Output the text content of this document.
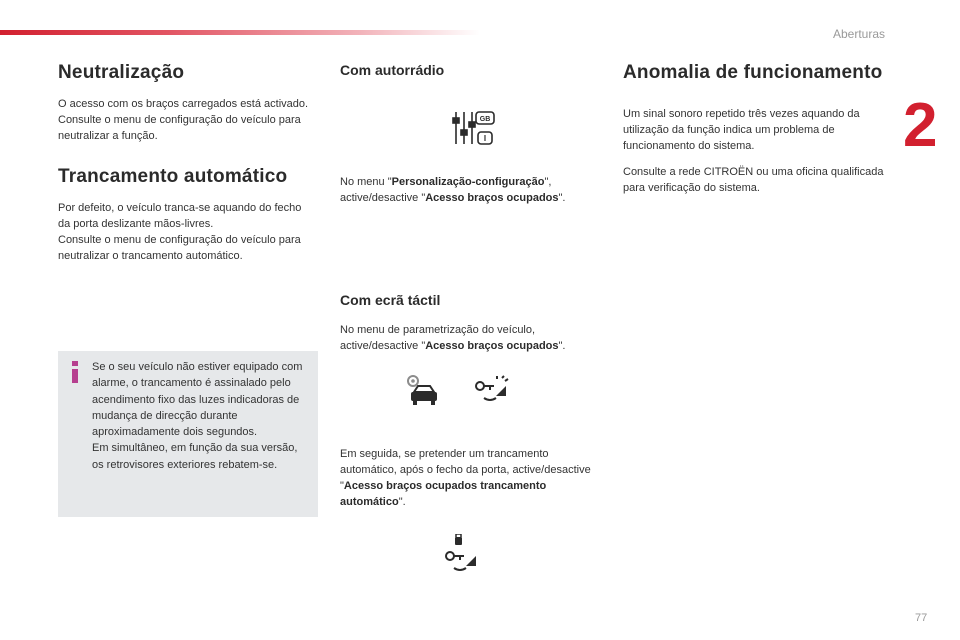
Aberturas
2
77
Neutralização

O acesso com os braços carregados está activado.
Consulte o menu de configuração do veículo para neutralizar a função.

Trancamento automático

Por defeito, o veículo tranca-se aquando do fecho da porta deslizante mãos-livres.
Consulte o menu de configuração do veículo para neutralizar o trancamento automático.

Se o seu veículo não estiver equipado com alarme, o trancamento é assinalado pelo acendimento fixo das luzes indicadoras de mudança de direcção durante aproximadamente dois segundos.
Em simultâneo, em função da sua versão, os retrovisores exteriores rebatem-se.
Com autorrádio
GB
I

No menu "Personalização-configuração",
active/desactive "Acesso braços ocupados".

Com ecrã táctil

No menu de parametrização do veículo, active/desactive "Acesso braços ocupados".

Em seguida, se pretender um trancamento automático, após o fecho da porta, active/desactive "Acesso braços ocupados trancamento automático".

Anomalia de funcionamento

Um sinal sonoro repetido três vezes aquando da utilização da função indica um problema de funcionamento do sistema.

Consulte a rede CITROËN ou uma oficina qualificada para verificação do sistema.
